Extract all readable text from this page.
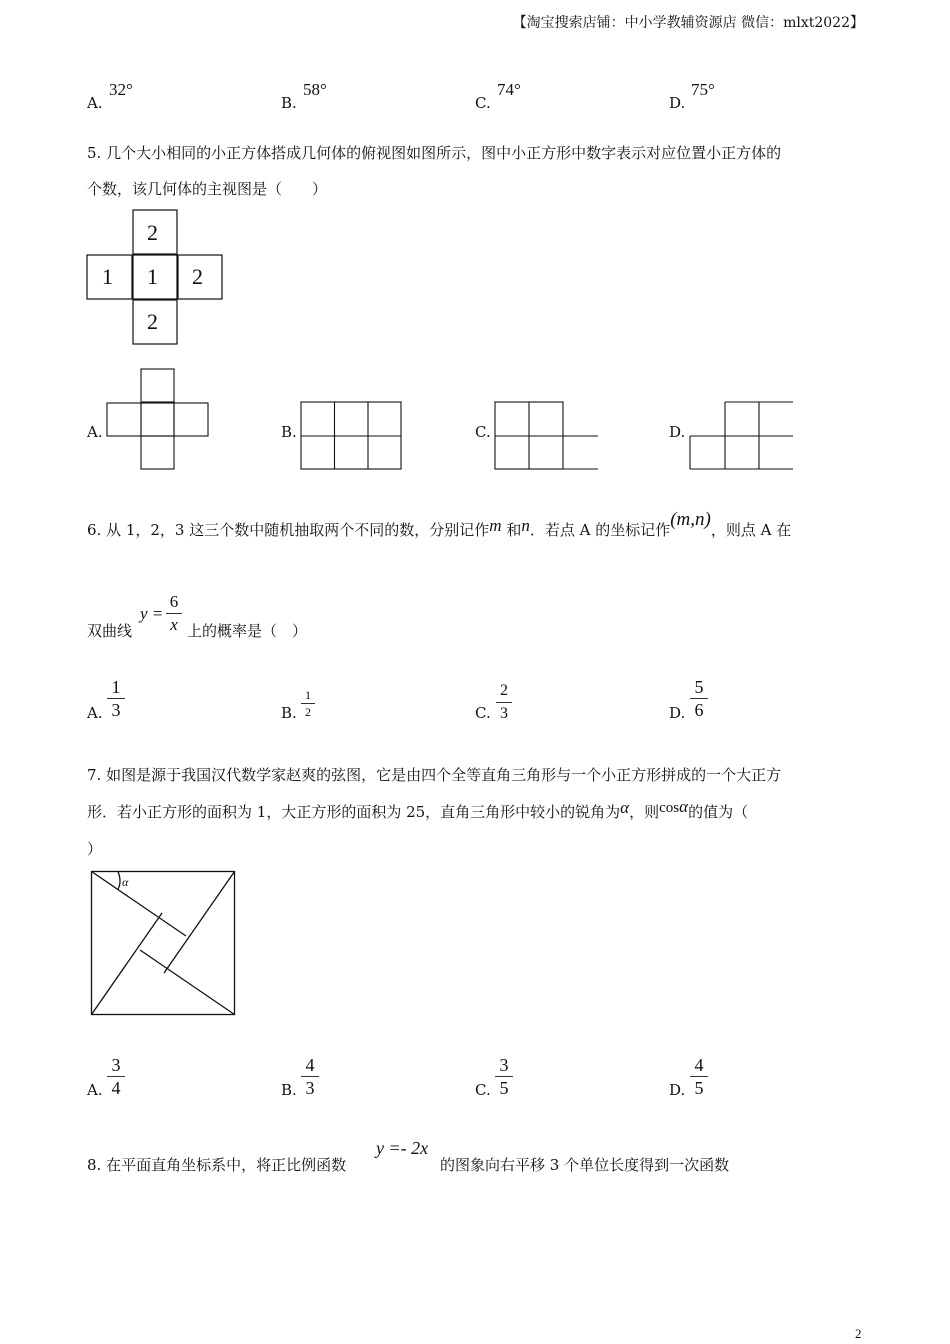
【淘宝搜索店铺：中小学教辅资源店 微信：mlxt2022】
A.
32°
B.
58°
C.
74°
D.
75°
5. 几个大小相同的小正方体搭成几何体的俯视图如图所示，图中小正方形中数字表示对应位置小正方体的
个数，该几何体的主视图是（　　）
2
1 1 2
2
A.	B.	C.	D.
6. 从 1，2，3 这三个数中随机抽取两个不同的数，分别记作m 和n．若点 A 的坐标记作(m,n)，则点 A 在
双曲线
y =
6
x 上的概率是（　）
A.
1
3	B.
1
2	C.
2
3	D.
5
6
7. 如图是源于我国汉代数学家赵爽的弦图，它是由四个全等直角三角形与一个小正方形拼成的一个大正方
形．若小正方形的面积为 1，大正方形的面积为 25，直角三角形中较小的锐角为α，则cosα的值为（
）
α
A.
3
4	B.
4
3	C.
3
5	D.
4
5
8. 在平面直角坐标系中，将正比例函数
y =- 2x
的图象向右平移 3 个单位长度得到一次函数
2
